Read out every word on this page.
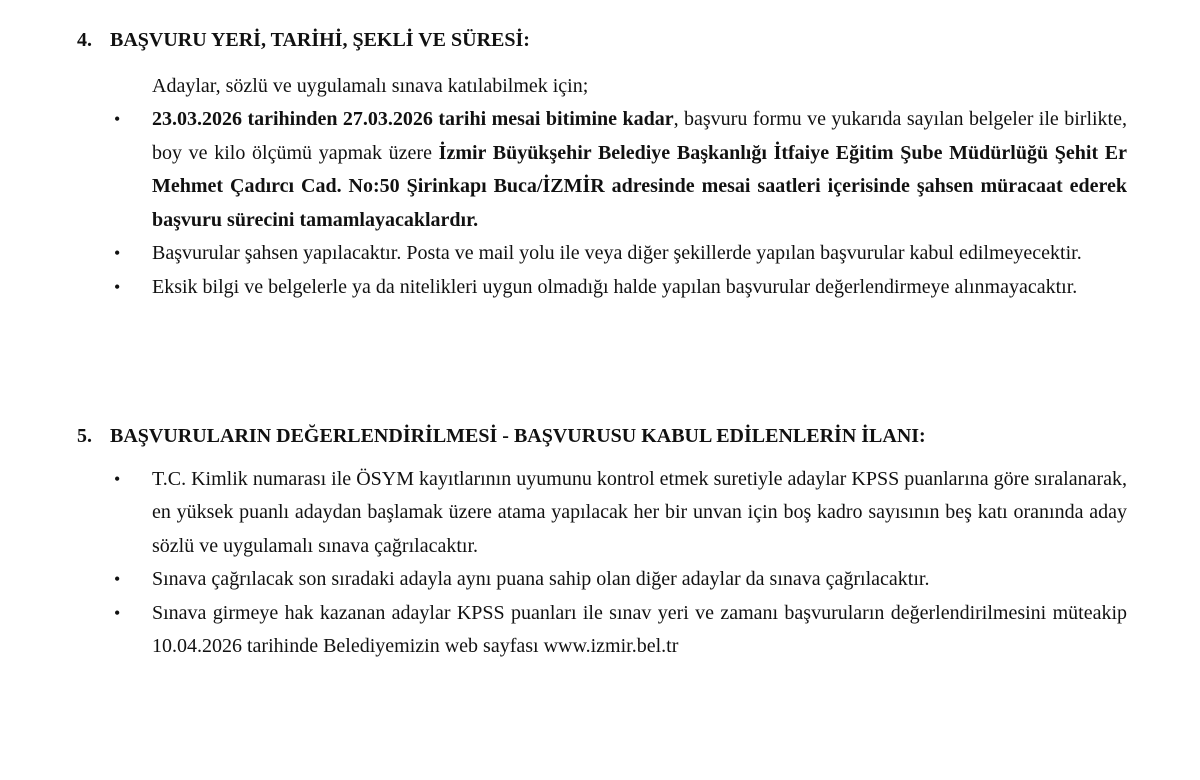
4. BAŞVURU YERİ, TARİHİ, ŞEKLİ VE SÜRESİ:

Adaylar, sözlü ve uygulamalı sınava katılabilmek için;

• 23.03.2026 tarihinden 27.03.2026 tarihi mesai bitimine kadar, başvuru formu ve yukarıda sayılan belgeler ile birlikte, boy ve kilo ölçümü yapmak üzere İzmir Büyükşehir Belediye Başkanlığı İtfaiye Eğitim Şube Müdürlüğü Şehit Er Mehmet Çadırcı Cad. No:50 Şirinkapı Buca/İZMİR adresinde mesai saatleri içerisinde şahsen müracaat ederek başvuru sürecini tamamlayacaklardır.
• Başvurular şahsen yapılacaktır. Posta ve mail yolu ile veya diğer şekillerde yapılan başvurular kabul edilmeyecektir.
• Eksik bilgi ve belgelerle ya da nitelikleri uygun olmadığı halde yapılan başvurular değerlendirmeye alınmayacaktır.

5. BAŞVURULARIN DEĞERLENDİRİLMESİ - BAŞVURUSU KABUL EDİLENLERİN İLANI:

• T.C. Kimlik numarası ile ÖSYM kayıtlarının uyumunu kontrol etmek suretiyle adaylar KPSS puanlarına göre sıralanarak, en yüksek puanlı adaydan başlamak üzere atama yapılacak her bir unvan için boş kadro sayısının beş katı oranında aday sözlü ve uygulamalı sınava çağrılacaktır.
• Sınava çağrılacak son sıradaki adayla aynı puana sahip olan diğer adaylar da sınava çağrılacaktır.
• Sınava girmeye hak kazanan adaylar KPSS puanları ile sınav yeri ve zamanı başvuruların değerlendirilmesini müteakip 10.04.2026 tarihinde Belediyemizin web sayfası www.izmir.bel.tr
